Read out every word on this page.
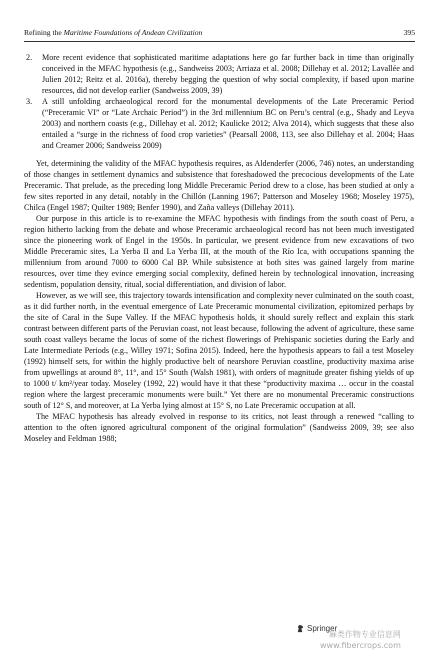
Refining the Maritime Foundations of Andean Civilization	395
2. More recent evidence that sophisticated maritime adaptations here go far further back in time than originally conceived in the MFAC hypothesis (e.g., Sandweiss 2003; Arriaza et al. 2008; Dillehay et al. 2012; Lavallée and Julien 2012; Reitz et al. 2016a), thereby begging the question of why social complexity, if based upon marine resources, did not develop earlier (Sandweiss 2009, 39)
3. A still unfolding archaeological record for the monumental developments of the Late Preceramic Period (“Preceramic VI” or “Late Archaic Period”) in the 3rd millennium BC on Peru’s central (e.g., Shady and Leyva 2003) and northern coasts (e.g., Dillehay et al. 2012; Kaulicke 2012; Alva 2014), which suggests that these also entailed a “surge in the richness of food crop varieties” (Pearsall 2008, 113, see also Dillehay et al. 2004; Haas and Creamer 2006; Sandweiss 2009)

Yet, determining the validity of the MFAC hypothesis requires, as Aldenderfer (2006, 746) notes, an understanding of those changes in settlement dynamics and subsistence that foreshadowed the precocious developments of the Late Preceramic. That prelude, as the preceding long Middle Preceramic Period drew to a close, has been studied at only a few sites reported in any detail, notably in the Chillón (Lanning 1967; Patterson and Moseley 1968; Moseley 1975), Chilca (Engel 1987; Quilter 1989; Benfer 1990), and Zaña valleys (Dillehay 2011).

Our purpose in this article is to re-examine the MFAC hypothesis with findings from the south coast of Peru, a region hitherto lacking from the debate and whose Preceramic archaeological record has not been much investigated since the pioneering work of Engel in the 1950s. In particular, we present evidence from new excavations of two Middle Preceramic sites, La Yerba II and La Yerba III, at the mouth of the Río Ica, with occupations spanning the millennium from around 7000 to 6000 Cal BP. While subsistence at both sites was gained largely from marine resources, over time they evince emerging social complexity, defined herein by technological innovation, increasing sedentism, population density, ritual, social differentiation, and division of labor.

However, as we will see, this trajectory towards intensification and complexity never culminated on the south coast, as it did further north, in the eventual emergence of Late Preceramic monumental civilization, epitomized perhaps by the site of Caral in the Supe Valley. If the MFAC hypothesis holds, it should surely reflect and explain this stark contrast between different parts of the Peruvian coast, not least because, following the advent of agriculture, these same south coast valleys became the locus of some of the richest flowerings of Prehispanic societies during the Early and Late Intermediate Periods (e.g., Willey 1971; Sofina 2015). Indeed, here the hypothesis appears to fail a test Moseley (1992) himself sets, for within the highly productive belt of nearshore Peruvian coastline, productivity maxima arise from upwellings at around 8°, 11°, and 15° South (Walsh 1981), with orders of magnitude greater fishing yields of up to 1000 t/ km²/year today. Moseley (1992, 22) would have it that these “productivity maxima … occur in the coastal region where the largest preceramic monuments were built.” Yet there are no monumental Preceramic constructions south of 12° S, and moreover, at La Yerba lying almost at 15° S, no Late Preceramic occupation at all.

The MFAC hypothesis has already evolved in response to its critics, not least through a renewed “calling to attention to the often ignored agricultural component of the original formulation” (Sandweiss 2009, 39; see also Moseley and Feldman 1988;

Springer
麻类作物专业信息网
www.fibercrops.com
